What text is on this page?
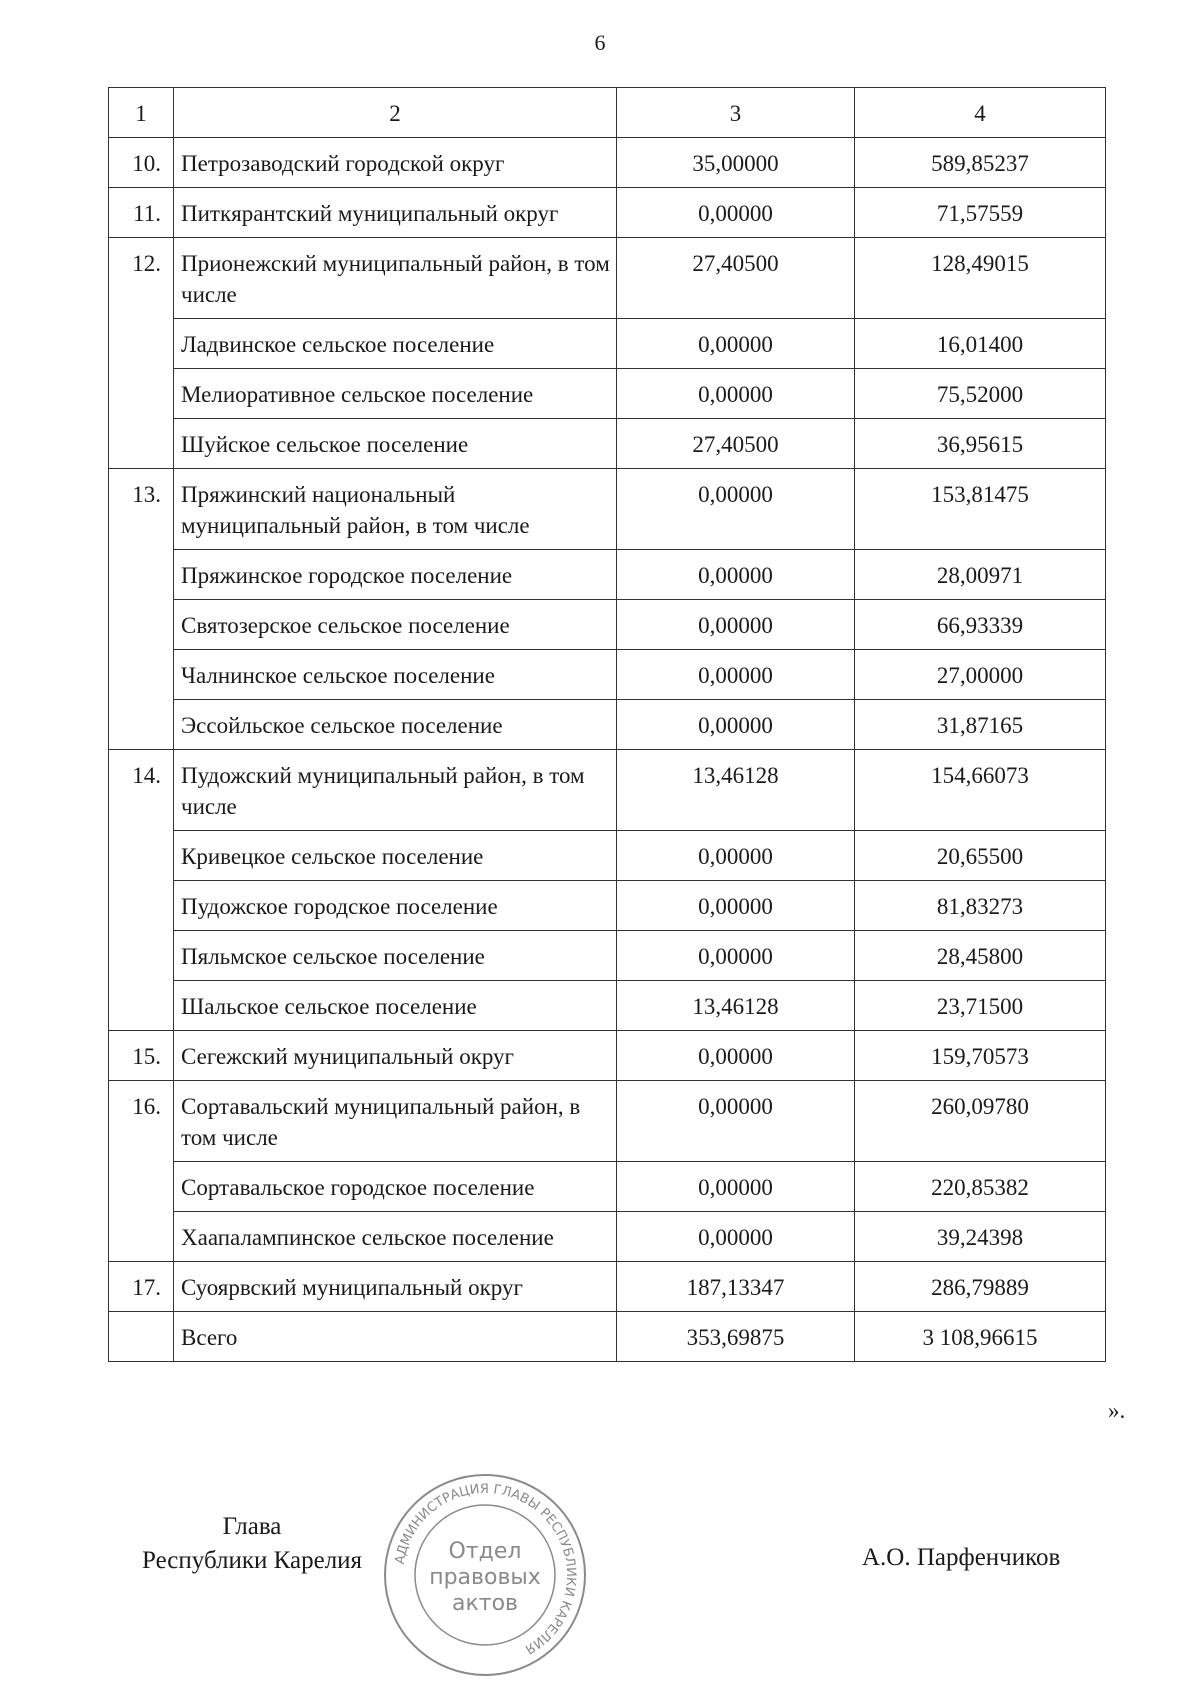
6
1	2	3	4
10.	Петрозаводский городской округ	35,00000	589,85237
11.	Питкярантский муниципальный округ	0,00000	71,57559
12.	Прионежский муниципальный район, в том числе	27,40500	128,49015
	Ладвинское сельское поселение	0,00000	16,01400
	Мелиоративное сельское поселение	0,00000	75,52000
	Шуйское сельское поселение	27,40500	36,95615
13.	Пряжинский национальный муниципальный район, в том числе	0,00000	153,81475
	Пряжинское городское поселение	0,00000	28,00971
	Святозерское сельское поселение	0,00000	66,93339
	Чалнинское сельское поселение	0,00000	27,00000
	Эссойльское сельское поселение	0,00000	31,87165
14.	Пудожский муниципальный район, в том числе	13,46128	154,66073
	Кривецкое сельское поселение	0,00000	20,65500
	Пудожское городское поселение	0,00000	81,83273
	Пяльмское сельское поселение	0,00000	28,45800
	Шальское сельское поселение	13,46128	23,71500
15.	Сегежский муниципальный округ	0,00000	159,70573
16.	Сортавальский муниципальный район, в том числе	0,00000	260,09780
	Сортавальское городское поселение	0,00000	220,85382
	Хаапалампинское сельское поселение	0,00000	39,24398
17.	Суоярвский муниципальный округ	187,13347	286,79889
	Всего	353,69875	3 108,96615
».
Глава
Республики Карелия АДМИНИСТРАЦИЯ ГЛАВЫ РЕСПУБЛИКИ КАРЕЛИЯ
Отдел
правовых
актов
А.О. Парфенчиков
